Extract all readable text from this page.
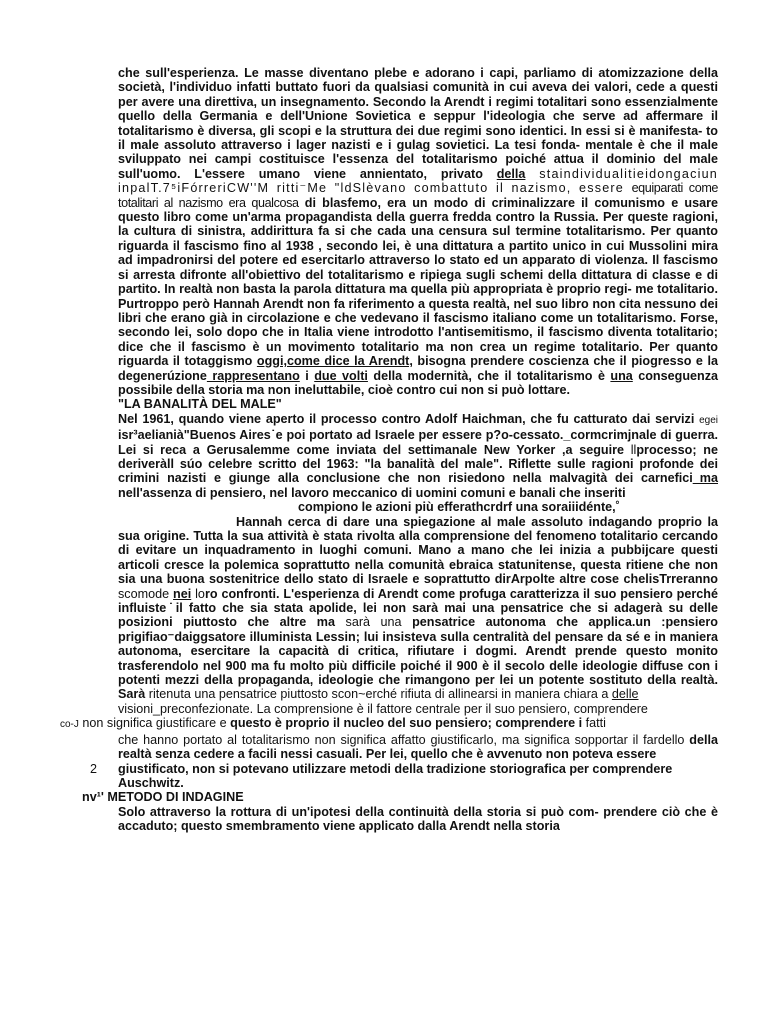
che sull'esperienza. Le masse diventano plebe e adorano i capi, parliamo di atomizzazione della società, l'individuo infatti buttato fuori da qualsiasi comunità in cui aveva dei valori, cede a questi per avere una direttiva, un insegnamento. Secondo la Arendt i regimi totalitari sono essenzialmente quello della Germania e dell'Unione Sovietica e seppur l'ideologia che serve ad affermare il totalitarismo è diversa, gli scopi e la struttura dei due regimi sono identici. In essi si è manifesta- to il male assoluto attraverso i lager nazisti e i gulag sovietici. La tesi fonda- mentale è che il male sviluppato nei campi costituisce l'essenza del totalitarismo poiché attua il dominio del male sull'uomo. L'essere umano viene annientato, privato della staindividualitieidongaciun inpalT.7⁵iFórreriCW''M ritti⁻Me "ldSlèvano combattuto il nazismo, essere equiparati come totalitari al nazismo era qualcosa di blasfemo, era un modo di criminalizzare il comunismo e usare questo libro come un'arma propagandista della guerra fredda contro la Russia. Per queste ragioni, la cultura di sinistra, addirittura fa si che cada una censura sul termine totalitarismo. Per quanto riguarda il fascismo fino al 1938 , secondo lei, è una dittatura a partito unico in cui Mussolini mira ad impadronirsi del potere ed esercitarlo attraverso lo stato ed un apparato di violenza. Il fascismo si arresta difronte all'obiettivo del totalitarismo e ripiega sugli schemi della dittatura di classe e di partito. In realtà non basta la parola dittatura ma quella più appropriata è proprio regi- me totalitario. Purtroppo però Hannah Arendt non fa riferimento a questa realtà, nel suo libro non cita nessuno dei libri che erano già in circolazione e che vedevano il fascismo italiano come un totalitarismo. Forse, secondo lei, solo dopo che in Italia viene introdotto l'antisemitismo, il fascismo diventa totalitario; dice che il fascismo è un movimento totalitario ma non crea un regime totalitario. Per quanto riguarda il totaggismo oggi,come dice la Arendt, bisogna prendere coscienza che il piogresso e la degenerúzione rappresentano i due volti della modernità, che il totalitarismo è una conseguenza possibile della storia ma non ineluttabile, cioè contro cui non si può lottare.

"LA BANALITÀ DEL MALE"

Nel 1961, quando viene aperto il processo contro Adolf Haichman, che fu catturato dai servizi egei isr³aelianià"Buenos Aires˙e poi portato ad Israele per essere p?o-cessato._cormcrimjnale di guerra. Lei si reca a Gerusalemme come inviata del settimanale New Yorker ,a seguire llprocesso; ne deriveràll súo celebre scritto del 1963: "la banalità del male". Riflette sulle ragioni profonde dei crimini nazisti e giunge alla conclusione che non risiedono nella malvagità dei carnefici_ma nell'assenza di pensiero, nel lavoro meccanico di uomini comuni e banali che inseriti

compiono le azioni più efferathcrdrf una soraiiidénte,˚

Hannah cerca di dare una spiegazione al male assoluto indagando proprio la sua origine. Tutta la sua attività è stata rivolta alla comprensione del fenomeno totalitario cercando di evitare un inquadramento in luoghi comuni. Mano a mano che lei inizia a pubbijcare questi articoli cresce la polemica soprattutto nella comunità ebraica statunitense, questa ritiene che non sia una buona sostenitrice dello stato di Israele e soprattutto dirArpolte altre cose chelisTrreranno scomode nei loro confronti. L'esperienza di Arendt come profuga caratterizza il suo pensiero perché influiste˙il fatto che sia stata apolide, lei non sarà mai una pensatrice che si adagerà su delle posizioni piuttosto che altre ma sarà una pensatrice autonoma che applica.un :pensiero prigifiao⁻daiggsatore illuminista Lessin; lui insisteva sulla centralità del pensare da sé e in maniera autonoma, esercitare la capacità di critica, rifiutare i dogmi. Arendt prende questo monito trasferendolo nel 900 ma fu molto più difficile poiché il 900 è il secolo delle ideologie diffuse con i potenti mezzi della propaganda, ideologie che rimangono per lei un potente sostituto della realtà. Sarà ritenuta una pensatrice piuttosto scon~erché rifiuta di allinearsi in maniera chiara a delle
visioni_preconfezionate. La comprensione è il fattore centrale per il suo pensiero, comprendere

co-J non significa giustificare e questo è proprio il nucleo del suo pensiero; comprendere i fatti

che hanno portato al totalitarismo non significa affatto giustificarlo, ma significa sopportar il fardello della realtà senza cedere a facili nessi casuali. Per lei, quello che è avvenuto non poteva essere

2 giustificato, non si potevano utilizzare metodi della tradizione storiografica per comprendere

Auschwitz.

nv¹' METODO DI INDAGINE

Solo attraverso la rottura di un'ipotesi della continuità della storia si può com- prendere ciò che è accaduto; questo smembramento viene applicato dalla Arendt nella storia
